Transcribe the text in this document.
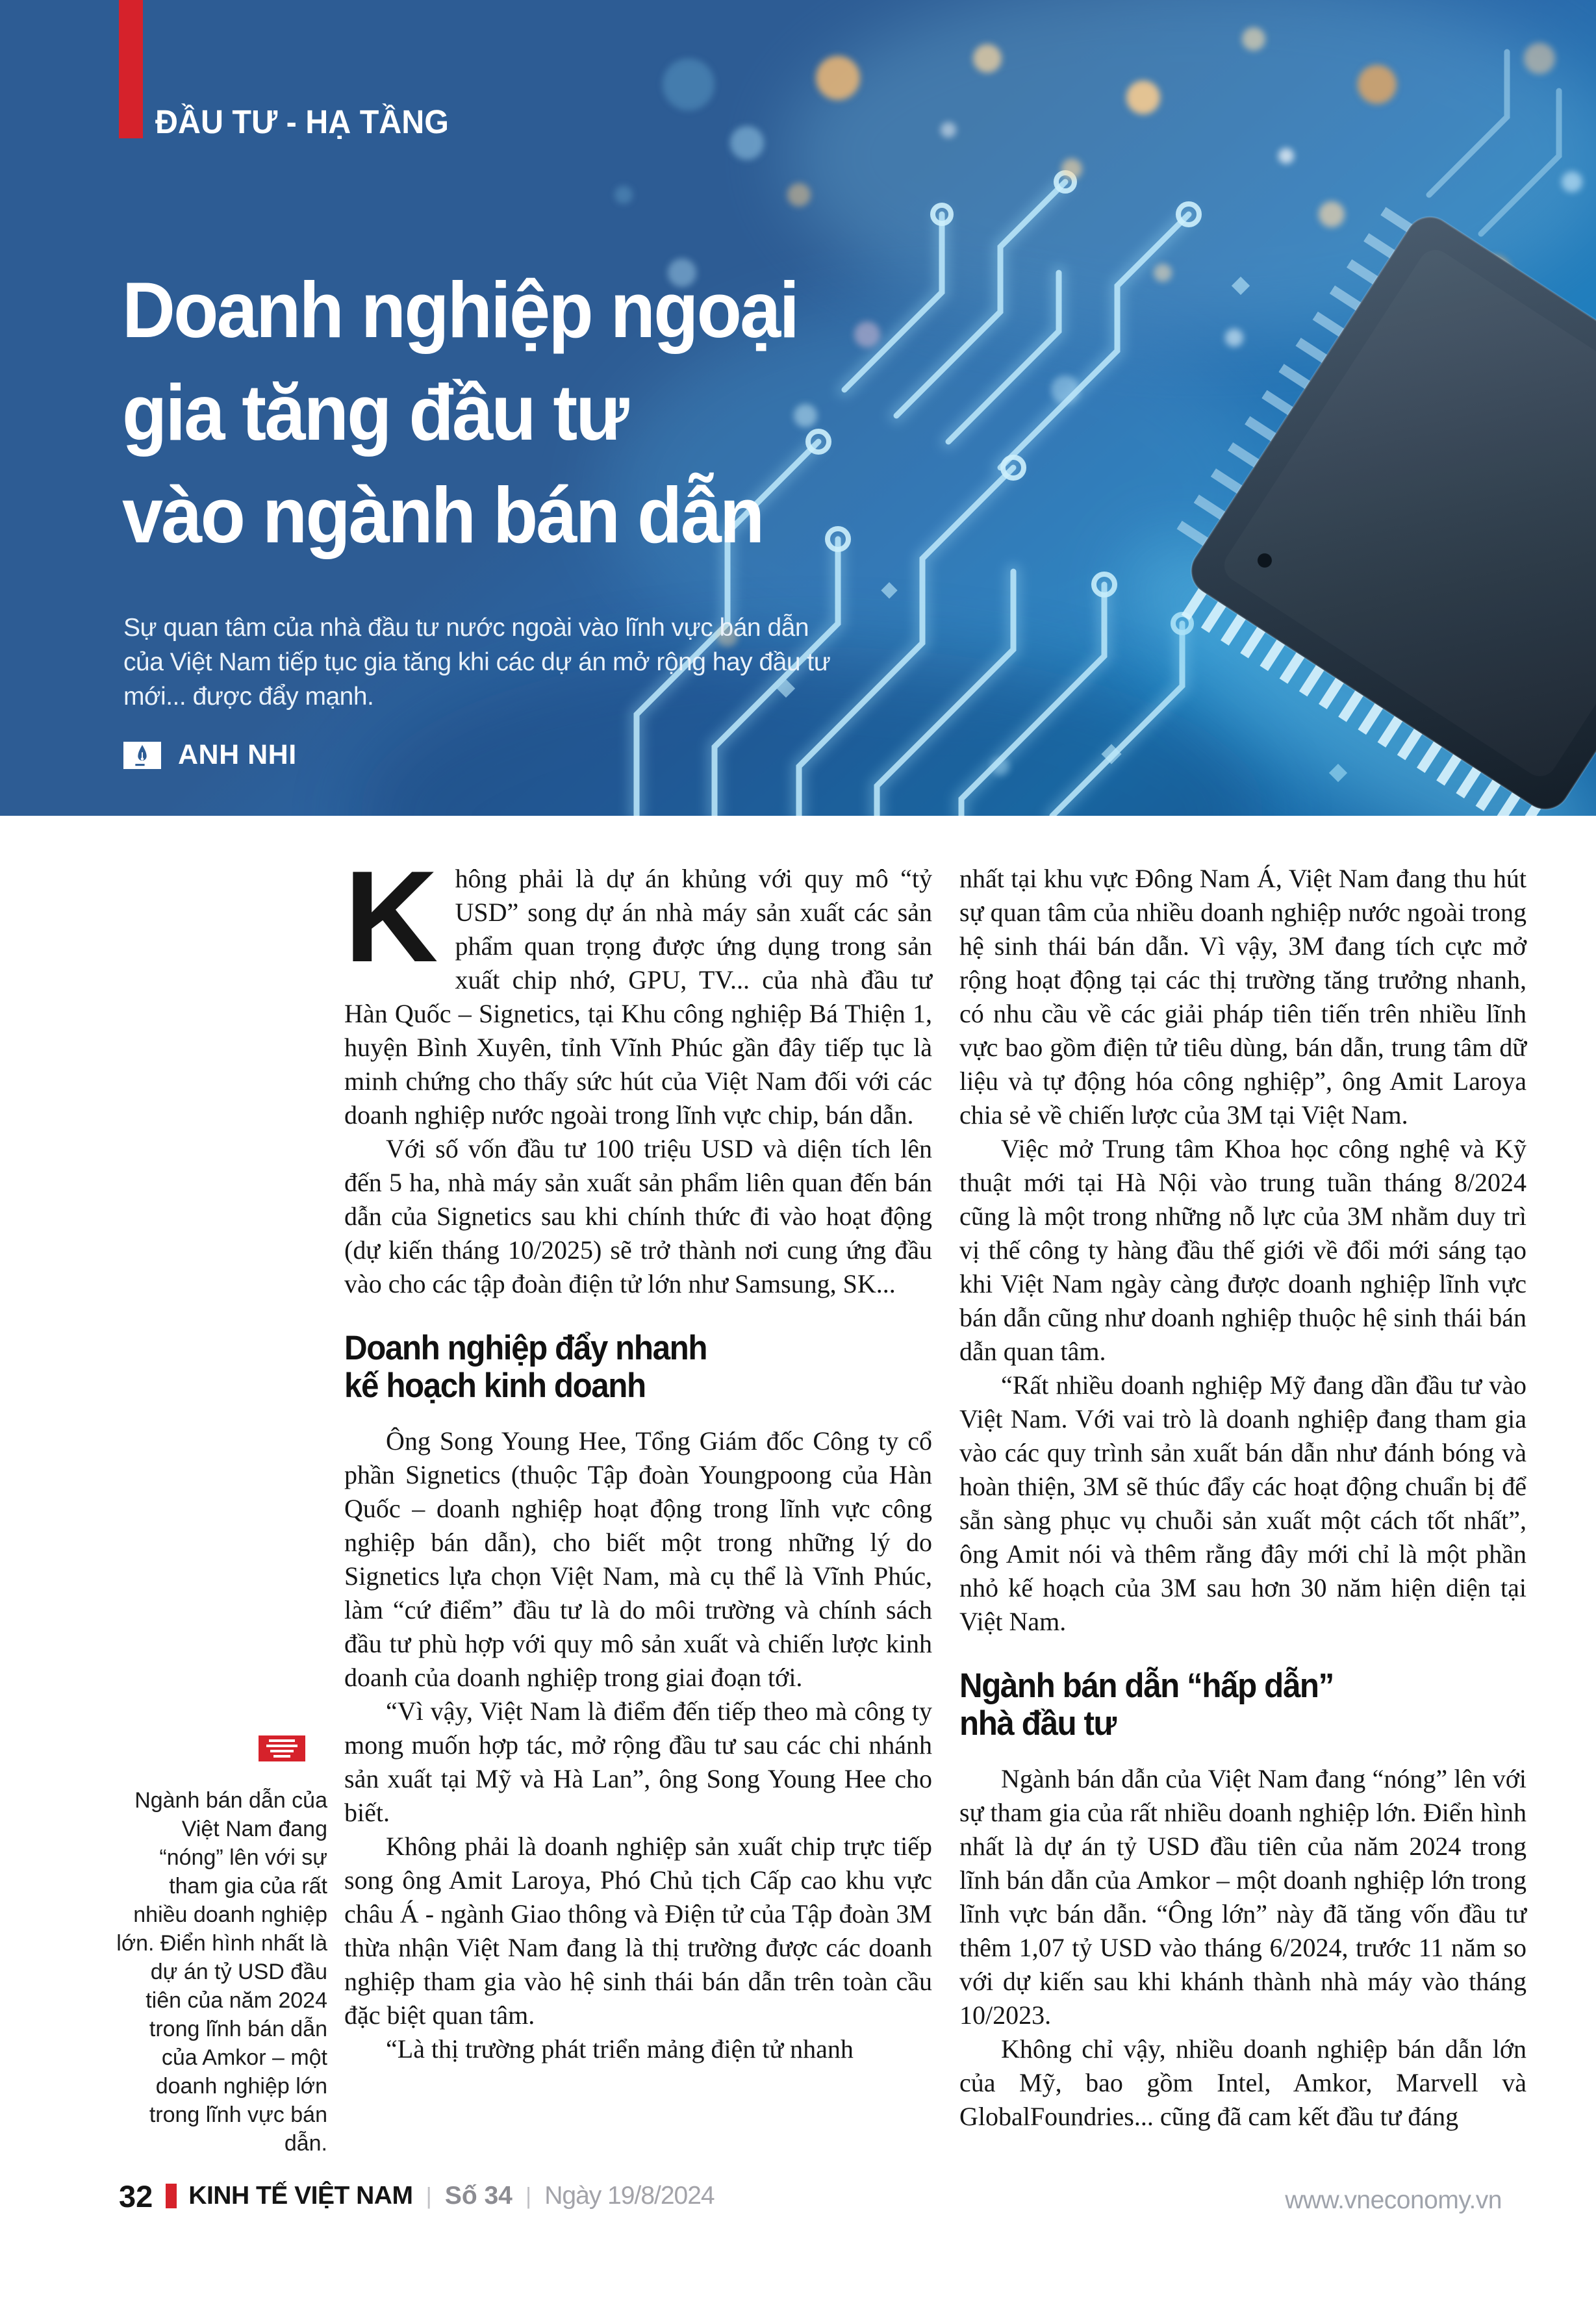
ĐẦU TƯ - HẠ TẦNG
Doanh nghiệp ngoại
gia tăng đầu tư
vào ngành bán dẫn
Sự quan tâm của nhà đầu tư nước ngoài vào lĩnh vực bán dẫn của Việt Nam tiếp tục gia tăng khi các dự án mở rộng hay đầu tư mới... được đẩy mạnh.
ANH NHI

Không phải là dự án khủng với quy mô “tỷ USD” song dự án nhà máy sản xuất các sản phẩm quan trọng được ứng dụng trong sản xuất chip nhớ, GPU, TV... của nhà đầu tư Hàn Quốc – Signetics, tại Khu công nghiệp Bá Thiện 1, huyện Bình Xuyên, tỉnh Vĩnh Phúc gần đây tiếp tục là minh chứng cho thấy sức hút của Việt Nam đối với các doanh nghiệp nước ngoài trong lĩnh vực chip, bán dẫn.

Với số vốn đầu tư 100 triệu USD và diện tích lên đến 5 ha, nhà máy sản xuất sản phẩm liên quan đến bán dẫn của Signetics sau khi chính thức đi vào hoạt động (dự kiến tháng 10/2025) sẽ trở thành nơi cung ứng đầu vào cho các tập đoàn điện tử lớn như Samsung, SK...

Doanh nghiệp đẩy nhanh
kế hoạch kinh doanh

Ông Song Young Hee, Tổng Giám đốc Công ty cổ phần Signetics (thuộc Tập đoàn Youngpoong của Hàn Quốc – doanh nghiệp hoạt động trong lĩnh vực công nghiệp bán dẫn), cho biết một trong những lý do Signetics lựa chọn Việt Nam, mà cụ thể là Vĩnh Phúc, làm “cứ điểm” đầu tư là do môi trường và chính sách đầu tư phù hợp với quy mô sản xuất và chiến lược kinh doanh của doanh nghiệp trong giai đoạn tới.

“Vì vậy, Việt Nam là điểm đến tiếp theo mà công ty mong muốn hợp tác, mở rộng đầu tư sau các chi nhánh sản xuất tại Mỹ và Hà Lan”, ông Song Young Hee cho biết.

Không phải là doanh nghiệp sản xuất chip trực tiếp song ông Amit Laroya, Phó Chủ tịch Cấp cao khu vực châu Á - ngành Giao thông và Điện tử của Tập đoàn 3M thừa nhận Việt Nam đang là thị trường được các doanh nghiệp tham gia vào hệ sinh thái bán dẫn trên toàn cầu đặc biệt quan tâm.

“Là thị trường phát triển mảng điện tử nhanh

nhất tại khu vực Đông Nam Á, Việt Nam đang thu hút sự quan tâm của nhiều doanh nghiệp nước ngoài trong hệ sinh thái bán dẫn. Vì vậy, 3M đang tích cực mở rộng hoạt động tại các thị trường tăng trưởng nhanh, có nhu cầu về các giải pháp tiên tiến trên nhiều lĩnh vực bao gồm điện tử tiêu dùng, bán dẫn, trung tâm dữ liệu và tự động hóa công nghiệp”, ông Amit Laroya chia sẻ về chiến lược của 3M tại Việt Nam.

Việc mở Trung tâm Khoa học công nghệ và Kỹ thuật mới tại Hà Nội vào trung tuần tháng 8/2024 cũng là một trong những nỗ lực của 3M nhằm duy trì vị thế công ty hàng đầu thế giới về đổi mới sáng tạo khi Việt Nam ngày càng được doanh nghiệp lĩnh vực bán dẫn cũng như doanh nghiệp thuộc hệ sinh thái bán dẫn quan tâm.

“Rất nhiều doanh nghiệp Mỹ đang dần đầu tư vào Việt Nam. Với vai trò là doanh nghiệp đang tham gia vào các quy trình sản xuất bán dẫn như đánh bóng và hoàn thiện, 3M sẽ thúc đẩy các hoạt động chuẩn bị để sẵn sàng phục vụ chuỗi sản xuất một cách tốt nhất”, ông Amit nói và thêm rằng đây mới chỉ là một phần nhỏ kế hoạch của 3M sau hơn 30 năm hiện diện tại Việt Nam.

Ngành bán dẫn “hấp dẫn”
nhà đầu tư

Ngành bán dẫn của Việt Nam đang “nóng” lên với sự tham gia của rất nhiều doanh nghiệp lớn. Điển hình nhất là dự án tỷ USD đầu tiên của năm 2024 trong lĩnh bán dẫn của Amkor – một doanh nghiệp lớn trong lĩnh vực bán dẫn. “Ông lớn” này đã tăng vốn đầu tư thêm 1,07 tỷ USD vào tháng 6/2024, trước 11 năm so với dự kiến sau khi khánh thành nhà máy vào tháng 10/2023.

Không chỉ vậy, nhiều doanh nghiệp bán dẫn lớn của Mỹ, bao gồm Intel, Amkor, Marvell và GlobalFoundries... cũng đã cam kết đầu tư đáng

Ngành bán dẫn của Việt Nam đang “nóng” lên với sự tham gia của rất nhiều doanh nghiệp lớn. Điển hình nhất là dự án tỷ USD đầu tiên của năm 2024 trong lĩnh bán dẫn của Amkor – một doanh nghiệp lớn trong lĩnh vực bán dẫn.
32 KINH TẾ VIỆT NAM | Số 34 | Ngày 19/8/2024	www.vneconomy.vn
